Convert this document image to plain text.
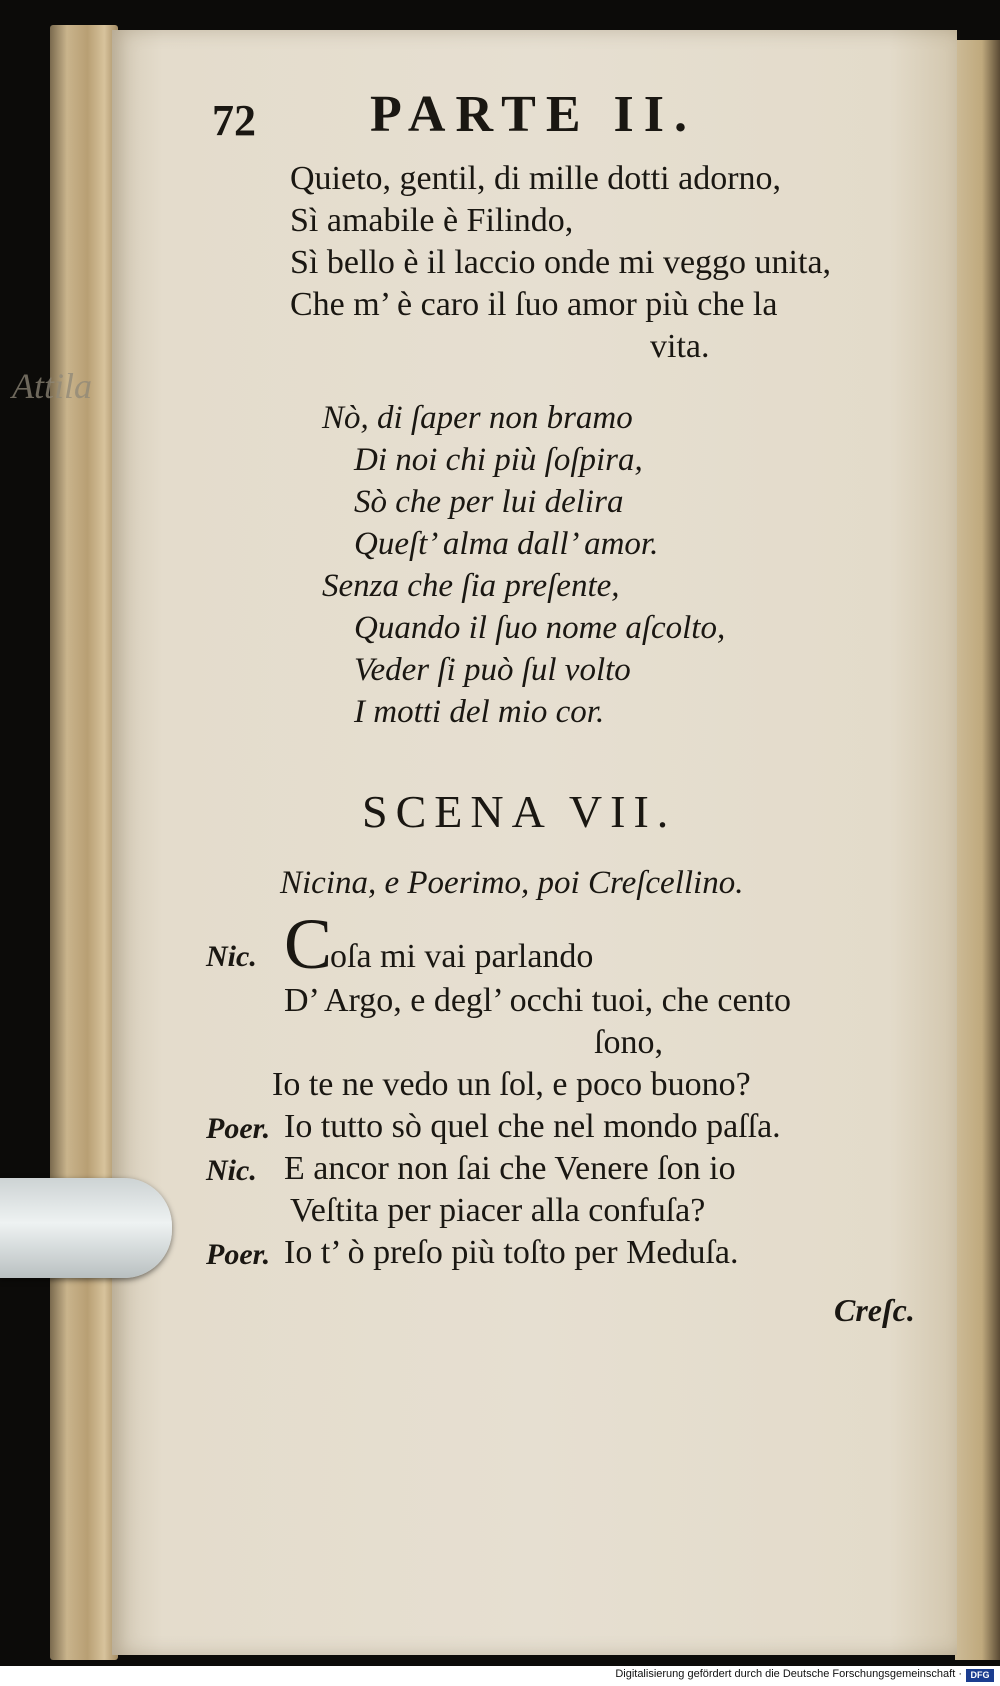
72 PARTE II.
Quieto, gentil, di mille dotti adorno,
Sì amabile è Filindo,
Sì bello è il laccio onde mi veggo unita,
Che m’ è caro il ſuo amor più che la
vita.
Nò, di ſaper non bramo
Di noi chi più ſoſpira,
Sò che per lui delira
Queſt’ alma dall’ amor.
Senza che ſia preſente,
Quando il ſuo nome aſcolto,
Veder ſi può ſul volto
I motti del mio cor.
SCENA VII.
Nicina, e Poerimo, poi Creſcellino.
Nic. C
oſa mi vai parlando
D’ Argo, e degl’ occhi tuoi, che cento
ſono,
Io te ne vedo un ſol, e poco buono?
Poer. Io tutto sò quel che nel mondo paſſa.
Nic. E ancor non ſai che Venere ſon io
Veſtita per piacer alla confuſa?
Poer. Io t’ ò preſo più toſto per Meduſa.
Creſc.
Attila
Digitalisierung gefördert durch die Deutsche Forschungsgemeinschaft · DFG
